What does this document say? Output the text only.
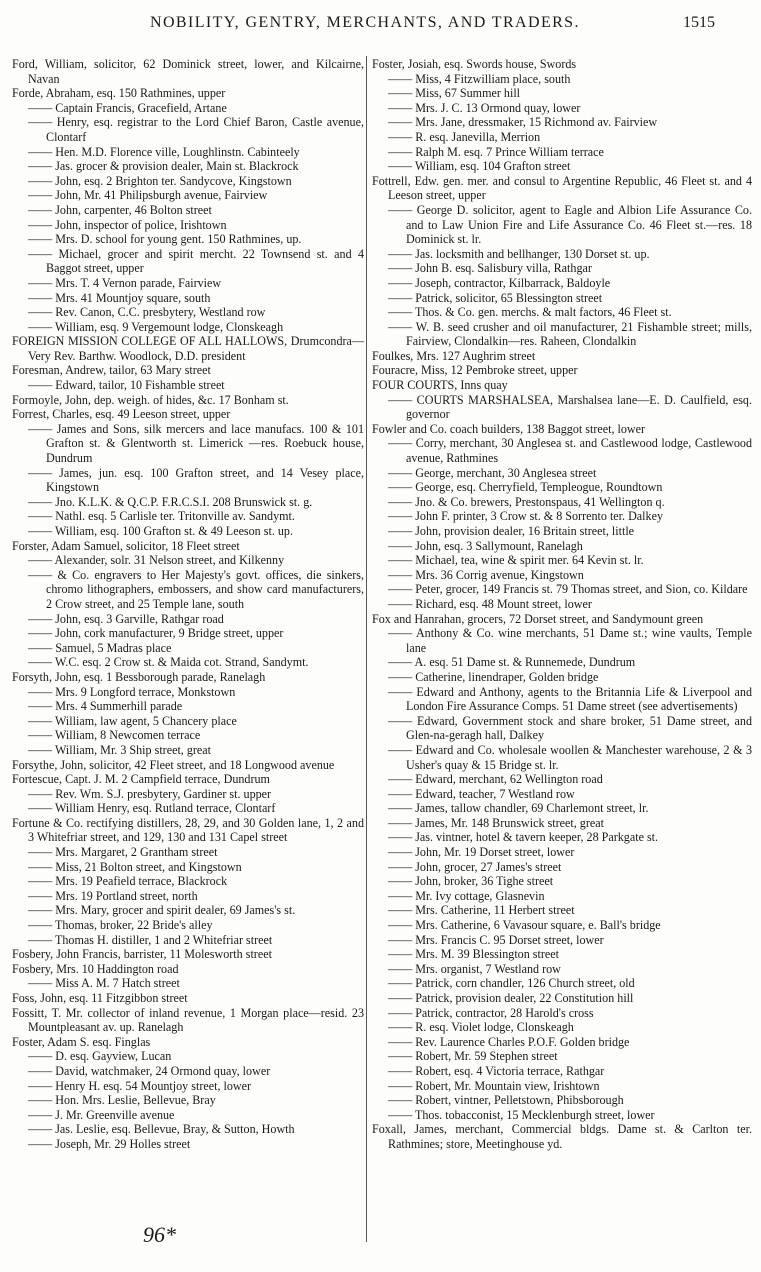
NOBILITY, GENTRY, MERCHANTS, AND TRADERS.	1515
Ford, William, solicitor, 62 Dominick street, lower, and Kilcairne, Navan
Forde, Abraham, esq. 150 Rathmines, upper
—— Captain Francis, Gracefield, Artane
—— Henry, esq. registrar to the Lord Chief Baron, Castle avenue, Clontarf
—— Hen. M.D. Florence ville, Loughlinstn. Cabinteely
—— Jas. grocer & provision dealer, Main st. Blackrock
—— John, esq. 2 Brighton ter. Sandycove, Kingstown
—— John, Mr. 41 Philipsburgh avenue, Fairview
—— John, carpenter, 46 Bolton street
—— John, inspector of police, Irishtown
—— Mrs. D. school for young gent. 150 Rathmines, up.
—— Michael, grocer and spirit mercht. 22 Townsend st. and 4 Baggot street, upper
—— Mrs. T. 4 Vernon parade, Fairview
—— Mrs. 41 Mountjoy square, south
—— Rev. Canon, C.C. presbytery, Westland row
—— William, esq. 9 Vergemount lodge, Clonskeagh
FOREIGN MISSION COLLEGE OF ALL HALLOWS, Drumcondra—Very Rev. Barthw. Woodlock, D.D. president
Foresman, Andrew, tailor, 63 Mary street
—— Edward, tailor, 10 Fishamble street
Formoyle, John, dep. weigh. of hides, &c. 17 Bonham st.
Forrest, Charles, esq. 49 Leeson street, upper
—— James and Sons, silk mercers and lace manufacs. 100 & 101 Grafton st. & Glentworth st. Limerick —res. Roebuck house, Dundrum
—— James, jun. esq. 100 Grafton street, and 14 Vesey place, Kingstown
—— Jno. K.L.K. & Q.C.P. F.R.C.S.I. 208 Brunswick st. g.
—— Nathl. esq. 5 Carlisle ter. Tritonville av. Sandymt.
—— William, esq. 100 Grafton st. & 49 Leeson st. up.
Forster, Adam Samuel, solicitor, 18 Fleet street
—— Alexander, solr. 31 Nelson street, and Kilkenny
—— & Co. engravers to Her Majesty's govt. offices, die sinkers, chromo lithographers, embossers, and show card manufacturers, 2 Crow street, and 25 Temple lane, south
—— John, esq. 3 Garville, Rathgar road
—— John, cork manufacturer, 9 Bridge street, upper
—— Samuel, 5 Madras place
—— W.C. esq. 2 Crow st. & Maida cot. Strand, Sandymt.
Forsyth, John, esq. 1 Bessborough parade, Ranelagh
—— Mrs. 9 Longford terrace, Monkstown
—— Mrs. 4 Summerhill parade
—— William, law agent, 5 Chancery place
—— William, 8 Newcomen terrace
—— William, Mr. 3 Ship street, great
Forsythe, John, solicitor, 42 Fleet street, and 18 Longwood avenue
Fortescue, Capt. J. M. 2 Campfield terrace, Dundrum
—— Rev. Wm. S.J. presbytery, Gardiner st. upper
—— William Henry, esq. Rutland terrace, Clontarf
Fortune & Co. rectifying distillers, 28, 29, and 30 Golden lane, 1, 2 and 3 Whitefriar street, and 129, 130 and 131 Capel street
—— Mrs. Margaret, 2 Grantham street
—— Miss, 21 Bolton street, and Kingstown
—— Mrs. 19 Peafield terrace, Blackrock
—— Mrs. 19 Portland street, north
—— Mrs. Mary, grocer and spirit dealer, 69 James's st.
—— Thomas, broker, 22 Bride's alley
—— Thomas H. distiller, 1 and 2 Whitefriar street
Fosbery, John Francis, barrister, 11 Molesworth street
Fosbery, Mrs. 10 Haddington road
—— Miss A. M. 7 Hatch street
Foss, John, esq. 11 Fitzgibbon street
Fossitt, T. Mr. collector of inland revenue, 1 Morgan place—resid. 23 Mountpleasant av. up. Ranelagh
Foster, Adam S. esq. Finglas
—— D. esq. Gayview, Lucan
—— David, watchmaker, 24 Ormond quay, lower
—— Henry H. esq. 54 Mountjoy street, lower
—— Hon. Mrs. Leslie, Bellevue, Bray
—— J. Mr. Greenville avenue
—— Jas. Leslie, esq. Bellevue, Bray, & Sutton, Howth
—— Joseph, Mr. 29 Holles street
Foster, Josiah, esq. Swords house, Swords
—— Miss, 4 Fitzwilliam place, south
—— Miss, 67 Summer hill
—— Mrs. J. C. 13 Ormond quay, lower
—— Mrs. Jane, dressmaker, 15 Richmond av. Fairview
—— R. esq. Janevilla, Merrion
—— Ralph M. esq. 7 Prince William terrace
—— William, esq. 104 Grafton street
Fottrell, Edw. gen. mer. and consul to Argentine Republic, 46 Fleet st. and 4 Leeson street, upper
—— George D. solicitor, agent to Eagle and Albion Life Assurance Co. and to Law Union Fire and Life Assurance Co. 46 Fleet st.—res. 18 Dominick st. lr.
—— Jas. locksmith and bellhanger, 130 Dorset st. up.
—— John B. esq. Salisbury villa, Rathgar
—— Joseph, contractor, Kilbarrack, Baldoyle
—— Patrick, solicitor, 65 Blessington street
—— Thos. & Co. gen. merchs. & malt factors, 46 Fleet st.
—— W. B. seed crusher and oil manufacturer, 21 Fishamble street; mills, Fairview, Clondalkin—res. Raheen, Clondalkin
Foulkes, Mrs. 127 Aughrim street
Fouracre, Miss, 12 Pembroke street, upper
FOUR COURTS, Inns quay
—— COURTS MARSHALSEA, Marshalsea lane—E. D. Caulfield, esq. governor
Fowler and Co. coach builders, 138 Baggot street, lower
—— Corry, merchant, 30 Anglesea st. and Castlewood lodge, Castlewood avenue, Rathmines
—— George, merchant, 30 Anglesea street
—— George, esq. Cherryfield, Templeogue, Roundtown
—— Jno. & Co. brewers, Prestonspaus, 41 Wellington q.
—— John F. printer, 3 Crow st. & 8 Sorrento ter. Dalkey
—— John, provision dealer, 16 Britain street, little
—— John, esq. 3 Sallymount, Ranelagh
—— Michael, tea, wine & spirit mer. 64 Kevin st. lr.
—— Mrs. 36 Corrig avenue, Kingstown
—— Peter, grocer, 149 Francis st. 79 Thomas street, and Sion, co. Kildare
—— Richard, esq. 48 Mount street, lower
Fox and Hanrahan, grocers, 72 Dorset street, and Sandymount green
—— Anthony & Co. wine merchants, 51 Dame st.; wine vaults, Temple lane
—— A. esq. 51 Dame st. & Runnemede, Dundrum
—— Catherine, linendraper, Golden bridge
—— Edward and Anthony, agents to the Britannia Life & Liverpool and London Fire Assurance Comps. 51 Dame street (see advertisements)
—— Edward, Government stock and share broker, 51 Dame street, and Glen-na-geragh hall, Dalkey
—— Edward and Co. wholesale woollen & Manchester warehouse, 2 & 3 Usher's quay & 15 Bridge st. lr.
—— Edward, merchant, 62 Wellington road
—— Edward, teacher, 7 Westland row
—— James, tallow chandler, 69 Charlemont street, lr.
—— James, Mr. 148 Brunswick street, great
—— Jas. vintner, hotel & tavern keeper, 28 Parkgate st.
—— John, Mr. 19 Dorset street, lower
—— John, grocer, 27 James's street
—— John, broker, 36 Tighe street
—— Mr. Ivy cottage, Glasnevin
—— Mrs. Catherine, 11 Herbert street
—— Mrs. Catherine, 6 Vavasour square, e. Ball's bridge
—— Mrs. Francis C. 95 Dorset street, lower
—— Mrs. M. 39 Blessington street
—— Mrs. organist, 7 Westland row
—— Patrick, corn chandler, 126 Church street, old
—— Patrick, provision dealer, 22 Constitution hill
—— Patrick, contractor, 28 Harold's cross
—— R. esq. Violet lodge, Clonskeagh
—— Rev. Laurence Charles P.O.F. Golden bridge
—— Robert, Mr. 59 Stephen street
—— Robert, esq. 4 Victoria terrace, Rathgar
—— Robert, Mr. Mountain view, Irishtown
—— Robert, vintner, Pelletstown, Phibsborough
—— Thos. tobacconist, 15 Mecklenburgh street, lower
Foxall, James, merchant, Commercial bldgs. Dame st. & Carlton ter. Rathmines; store, Meetinghouse yd.
96*
